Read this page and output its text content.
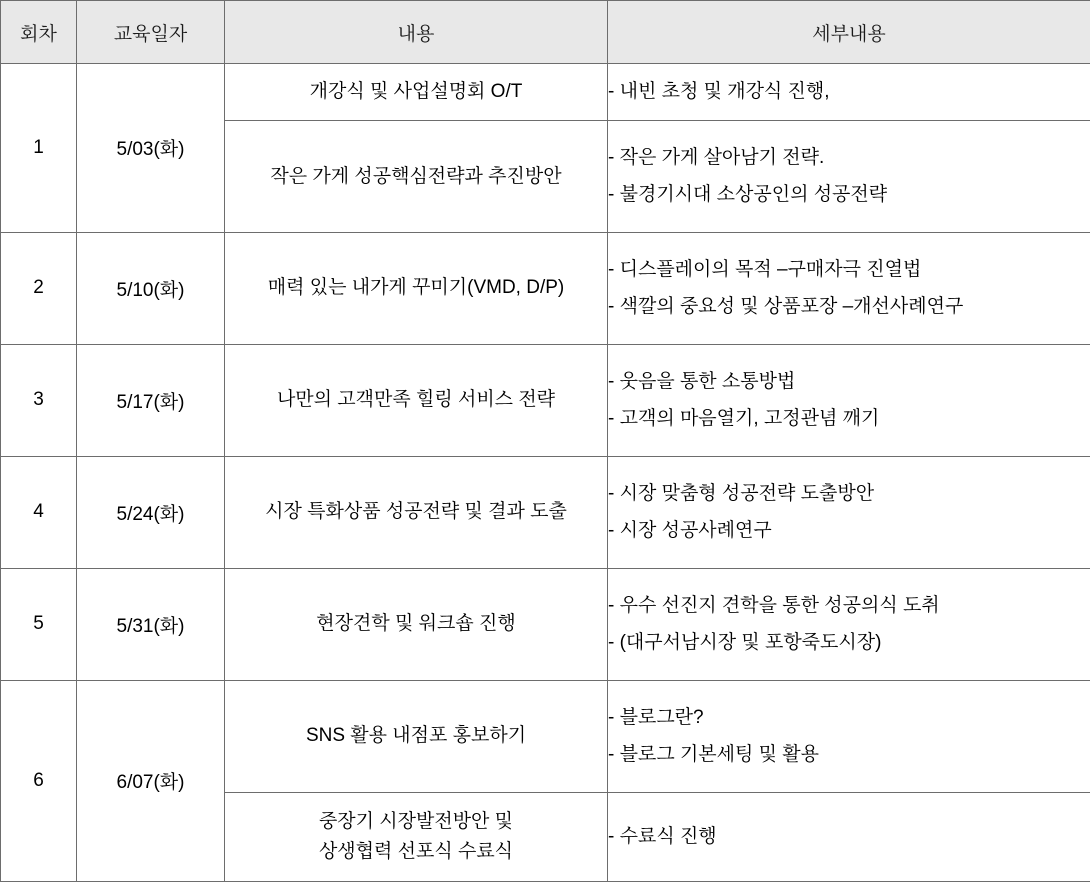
회차	교육일자	내용	세부내용
1	5/03(화)	개강식 및 사업설명회 O/T	- 내빈 초청 및 개강식 진행,

		작은 가게 성공핵심전략과 추진방안	- 작은 가게 살아남기 전략.
- 불경기시대 소상공인의 성공전략

2	5/10(화)	매력 있는 내가게 꾸미기(VMD, D/P)	- 디스플레이의 목적 –구매자극 진열법
- 색깔의 중요성 및 상품포장 –개선사례연구

3	5/17(화)	나만의 고객만족 힐링 서비스 전략	- 웃음을 통한 소통방법
- 고객의 마음열기, 고정관념 깨기

4	5/24(화)	시장 특화상품 성공전략 및 결과 도출	- 시장 맞춤형 성공전략 도출방안
- 시장 성공사례연구

5	5/31(화)	현장견학 및 워크숍 진행	- 우수 선진지 견학을 통한 성공의식 도취
- (대구서남시장 및 포항죽도시장)

6	6/07(화)	SNS 활용 내점포 홍보하기	- 블로그란?
- 블로그 기본세팅 및 활용

		중장기 시장발전방안 및
상생협력 선포식 수료식	- 수료식 진행
